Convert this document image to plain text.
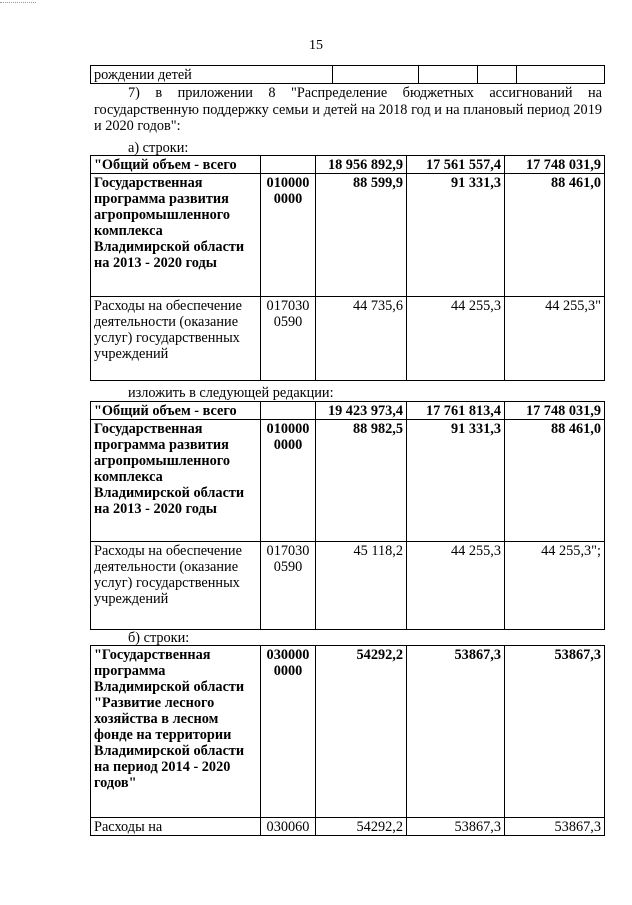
15
рождении детей				
7) в приложении 8 "Распределение бюджетных ассигнований на государственную поддержку семьи и детей на 2018 год и на плановый период 2019 и 2020 годов":
а) строки:
"Общий объем - всего		18 956 892,9	17 561 557,4	17 748 031,9
Государственная программа развития агропромышленного комплекса Владимирской области на 2013 - 2020 годы	010000 0000	88 599,9	91 331,3	88 461,0
Расходы на обеспечение деятельности (оказание услуг) государственных учреждений	017030 0590	44 735,6	44 255,3	44 255,3"
изложить в следующей редакции:
"Общий объем - всего		19 423 973,4	17 761 813,4	17 748 031,9
Государственная программа развития агропромышленного комплекса Владимирской области на 2013 - 2020 годы	010000 0000	88 982,5	91 331,3	88 461,0
Расходы на обеспечение деятельности (оказание услуг) государственных учреждений	017030 0590	45 118,2	44 255,3	44 255,3";
б) строки:
"Государственная программа Владимирской области "Развитие лесного хозяйства в лесном фонде на территории Владимирской области на период 2014 - 2020 годов"	030000 0000	54292,2	53867,3	53867,3
Расходы на	030060	54292,2	53867,3	53867,3
